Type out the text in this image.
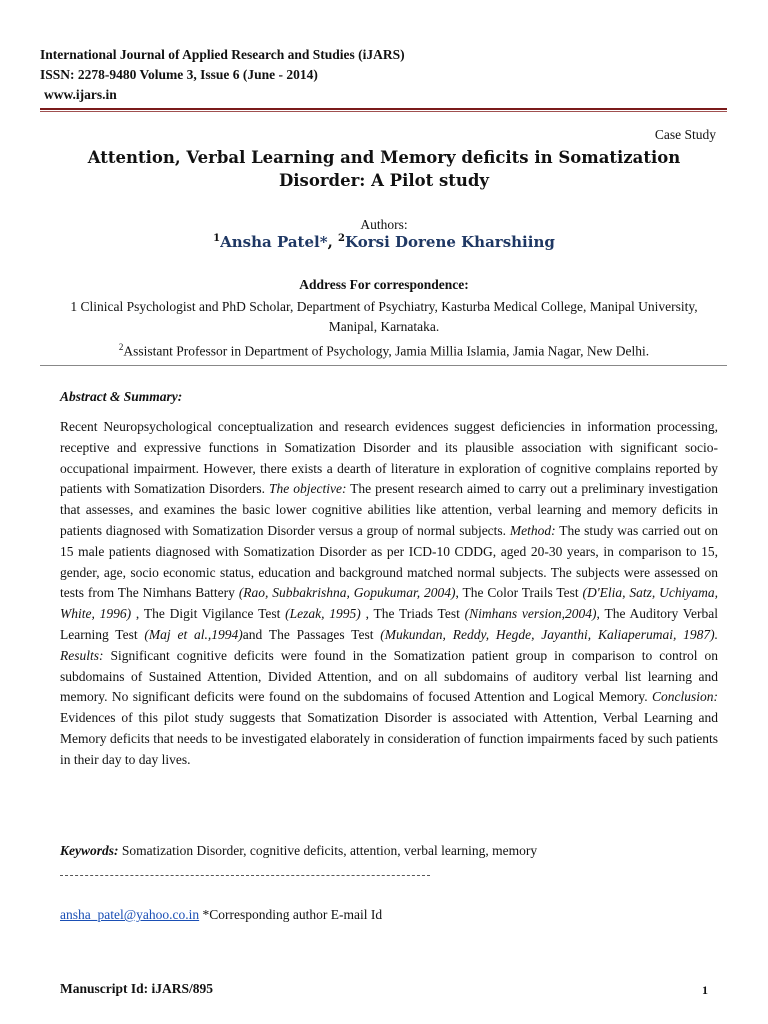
International Journal of Applied Research and Studies (iJARS)
ISSN: 2278-9480 Volume 3, Issue 6 (June - 2014)
www.ijars.in
Case Study
Attention, Verbal Learning and Memory deficits in Somatization Disorder: A Pilot study
Authors:
$^1$Ansha Patel*, $^2$Korsi Dorene Kharshiing
Address For correspondence:
1 Clinical Psychologist and PhD Scholar, Department of Psychiatry, Kasturba Medical College, Manipal University, Manipal, Karnataka.
$^2$Assistant Professor in Department of Psychology, Jamia Millia Islamia, Jamia Nagar, New Delhi.
Abstract & Summary:

Recent Neuropsychological conceptualization and research evidences suggest deficiencies in information processing, receptive and expressive functions in Somatization Disorder and its plausible association with significant socio-occupational impairment. However, there exists a dearth of literature in exploration of cognitive complains reported by patients with Somatization Disorders. The objective: The present research aimed to carry out a preliminary investigation that assesses, and examines the basic lower cognitive abilities like attention, verbal learning and memory deficits in patients diagnosed with Somatization Disorder versus a group of normal subjects. Method: The study was carried out on 15 male patients diagnosed with Somatization Disorder as per ICD-10 CDDG, aged 20-30 years, in comparison to 15, gender, age, socio economic status, education and background matched normal subjects. The subjects were assessed on tests from The Nimhans Battery (Rao, Subbakrishna, Gopukumar, 2004), The Color Trails Test (D'Elia, Satz, Uchiyama, White, 1996) , The Digit Vigilance Test (Lezak, 1995) , The Triads Test (Nimhans version,2004), The Auditory Verbal Learning Test (Maj et al.,1994)and The Passages Test (Mukundan, Reddy, Hegde, Jayanthi, Kaliaperumai, 1987). Results: Significant cognitive deficits were found in the Somatization patient group in comparison to control on subdomains of Sustained Attention, Divided Attention, and on all subdomains of auditory verbal list learning and memory. No significant deficits were found on the subdomains of focused Attention and Logical Memory. Conclusion: Evidences of this pilot study suggests that Somatization Disorder is associated with Attention, Verbal Learning and Memory deficits that needs to be investigated elaborately in consideration of function impairments faced by such patients in their day to day lives.

Keywords: Somatization Disorder, cognitive deficits, attention, verbal learning, memory
ansha_patel@yahoo.co.in *Corresponding author E-mail Id
Manuscript Id: iJARS/895	1
